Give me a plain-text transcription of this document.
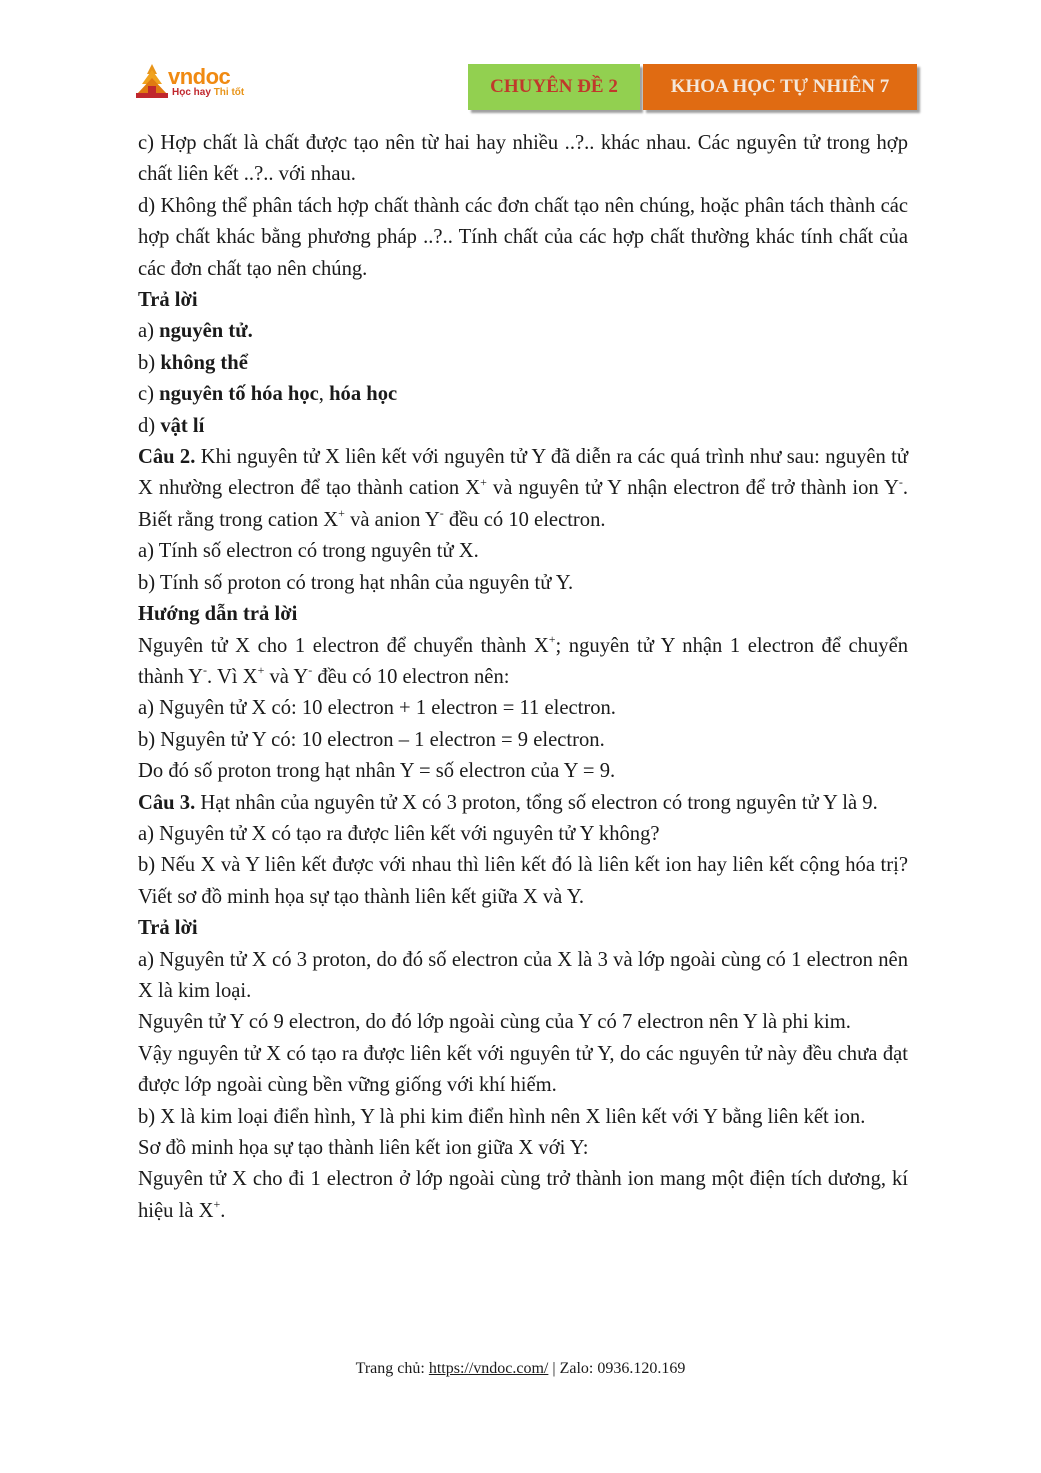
vndoc
Học hay Thi tốt	CHUYÊN ĐỀ 2	KHOA HỌC TỰ NHIÊN 7

c) Hợp chất là chất được tạo nên từ hai hay nhiều ..?.. khác nhau. Các nguyên tử trong hợp chất liên kết ..?.. với nhau.

d) Không thể phân tách hợp chất thành các đơn chất tạo nên chúng, hoặc phân tách thành các hợp chất khác bằng phương pháp ..?.. Tính chất của các hợp chất thường khác tính chất của các đơn chất tạo nên chúng.

Trả lời

a) nguyên tử.

b) không thể

c) nguyên tố hóa học, hóa học

d) vật lí

Câu 2. Khi nguyên tử X liên kết với nguyên tử Y đã diễn ra các quá trình như sau: nguyên tử X nhường electron để tạo thành cation X+ và nguyên tử Y nhận electron để trở thành ion Y-. Biết rằng trong cation X+ và anion Y- đều có 10 electron.

a) Tính số electron có trong nguyên tử X.

b) Tính số proton có trong hạt nhân của nguyên tử Y.

Hướng dẫn trả lời

Nguyên tử X cho 1 electron để chuyển thành X+; nguyên tử Y nhận 1 electron để chuyển thành Y-. Vì X+ và Y- đều có 10 electron nên:

a) Nguyên tử X có: 10 electron + 1 electron = 11 electron.

b) Nguyên tử Y có: 10 electron – 1 electron = 9 electron.

Do đó số proton trong hạt nhân Y = số electron của Y = 9.

Câu 3. Hạt nhân của nguyên tử X có 3 proton, tổng số electron có trong nguyên tử Y là 9.

a) Nguyên tử X có tạo ra được liên kết với nguyên tử Y không?

b) Nếu X và Y liên kết được với nhau thì liên kết đó là liên kết ion hay liên kết cộng hóa trị? Viết sơ đồ minh họa sự tạo thành liên kết giữa X và Y.

Trả lời

a) Nguyên tử X có 3 proton, do đó số electron của X là 3 và lớp ngoài cùng có 1 electron nên X là kim loại.

Nguyên tử Y có 9 electron, do đó lớp ngoài cùng của Y có 7 electron nên Y là phi kim.

Vậy nguyên tử X có tạo ra được liên kết với nguyên tử Y, do các nguyên tử này đều chưa đạt được lớp ngoài cùng bền vững giống với khí hiếm.

b) X là kim loại điển hình, Y là phi kim điển hình nên X liên kết với Y bằng liên kết ion.

Sơ đồ minh họa sự tạo thành liên kết ion giữa X với Y:

Nguyên tử X cho đi 1 electron ở lớp ngoài cùng trở thành ion mang một điện tích dương, kí hiệu là X+.

Trang chủ: https://vndoc.com/ | Zalo: 0936.120.169
